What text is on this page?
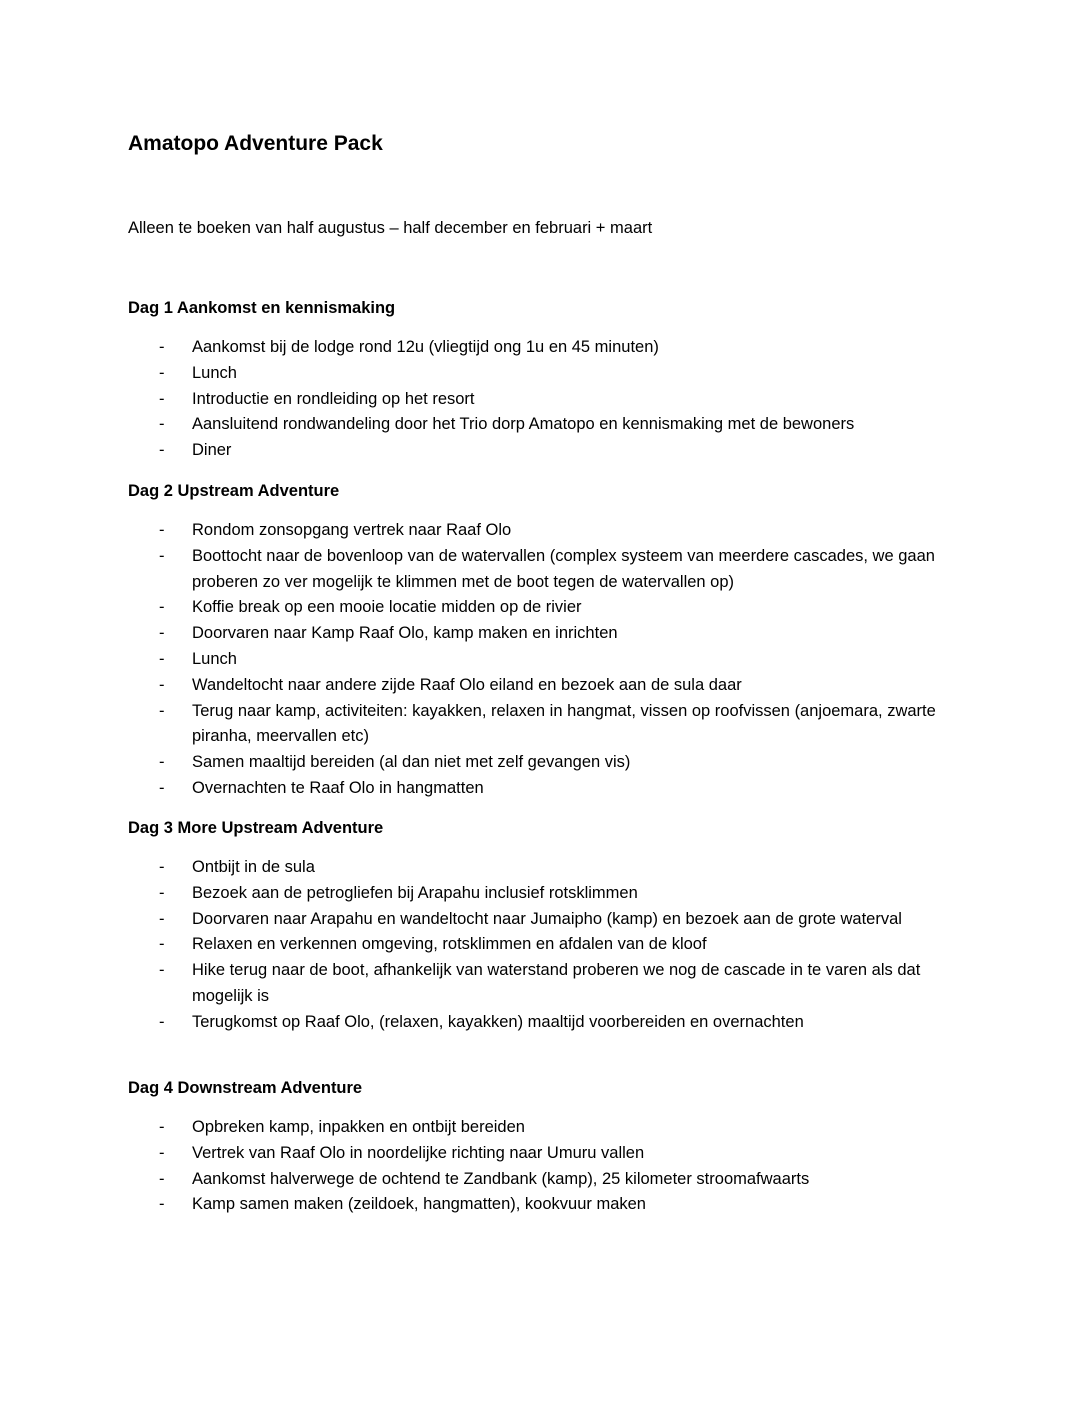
Amatopo Adventure Pack

Alleen te boeken van half augustus – half december en februari + maart

Dag 1 Aankomst en kennismaking
- Aankomst bij de lodge rond 12u (vliegtijd ong 1u en 45 minuten)
- Lunch
- Introductie en rondleiding op het resort
- Aansluitend rondwandeling door het Trio dorp Amatopo en kennismaking met de bewoners
- Diner
Dag 2 Upstream Adventure
- Rondom zonsopgang vertrek naar Raaf Olo
- Boottocht naar de bovenloop van de watervallen (complex systeem van meerdere cascades, we gaan proberen zo ver mogelijk te klimmen met de boot tegen de watervallen op)
- Koffie break op een mooie locatie midden op de rivier
- Doorvaren naar Kamp Raaf Olo, kamp maken en inrichten
- Lunch
- Wandeltocht naar andere zijde Raaf Olo eiland en bezoek aan de sula daar
- Terug naar kamp, activiteiten: kayakken, relaxen in hangmat, vissen op roofvissen (anjoemara, zwarte piranha, meervallen etc)
- Samen maaltijd bereiden (al dan niet met zelf gevangen vis)
- Overnachten te Raaf Olo in hangmatten
Dag 3 More Upstream Adventure
- Ontbijt in de sula
- Bezoek aan de petrogliefen bij Arapahu inclusief rotsklimmen
- Doorvaren naar Arapahu en wandeltocht naar Jumaipho (kamp) en bezoek aan de grote waterval
- Relaxen en verkennen omgeving, rotsklimmen en afdalen van de kloof
- Hike terug naar de boot, afhankelijk van waterstand proberen we nog de cascade in te varen als dat mogelijk is
- Terugkomst op Raaf Olo, (relaxen, kayakken) maaltijd voorbereiden en overnachten
Dag 4 Downstream Adventure
- Opbreken kamp, inpakken en ontbijt bereiden
- Vertrek van Raaf Olo in noordelijke richting naar Umuru vallen
- Aankomst halverwege de ochtend te Zandbank (kamp), 25 kilometer stroomafwaarts
- Kamp samen maken (zeildoek, hangmatten), kookvuur maken
